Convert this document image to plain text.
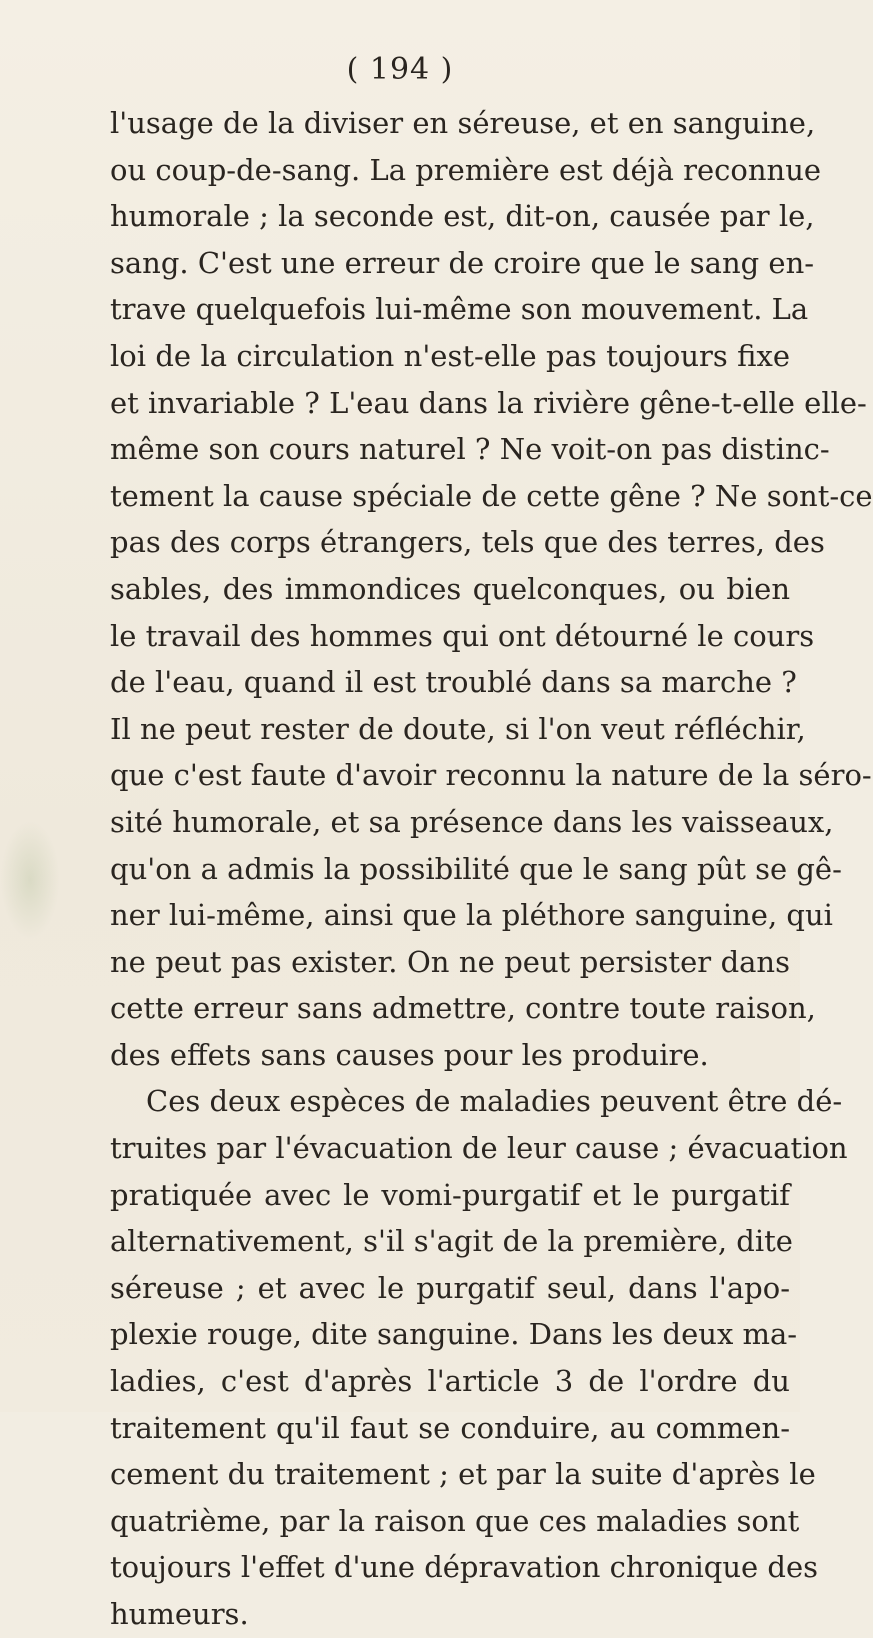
( 194 )
l'usage de la diviser en séreuse, et en sanguine,
ou coup-de-sang. La première est déjà reconnue
humorale ; la seconde est, dit-on, causée par le,
sang. C'est une erreur de croire que le sang en-
trave quelquefois lui-même son mouvement. La
loi de la circulation n'est-elle pas toujours fixe
et invariable ? L'eau dans la rivière gêne-t-elle elle-
même son cours naturel ? Ne voit-on pas distinc-
tement la cause spéciale de cette gêne ? Ne sont-ce
pas des corps étrangers, tels que des terres, des
sables, des immondices quelconques, ou bien
le travail des hommes qui ont détourné le cours
de l'eau, quand il est troublé dans sa marche ?
Il ne peut rester de doute, si l'on veut réfléchir,
que c'est faute d'avoir reconnu la nature de la séro-
sité humorale, et sa présence dans les vaisseaux,
qu'on a admis la possibilité que le sang pût se gê-
ner lui-même, ainsi que la pléthore sanguine, qui
ne peut pas exister. On ne peut persister dans
cette erreur sans admettre, contre toute raison,
des effets sans causes pour les produire.
Ces deux espèces de maladies peuvent être dé-
truites par l'évacuation de leur cause ; évacuation
pratiquée avec le vomi-purgatif et le purgatif
alternativement, s'il s'agit de la première, dite
séreuse ; et avec le purgatif seul, dans l'apo-
plexie rouge, dite sanguine. Dans les deux ma-
ladies, c'est d'après l'article 3 de l'ordre du
traitement qu'il faut se conduire, au commen-
cement du traitement ; et par la suite d'après le
quatrième, par la raison que ces maladies sont
toujours l'effet d'une dépravation chronique des
humeurs.
